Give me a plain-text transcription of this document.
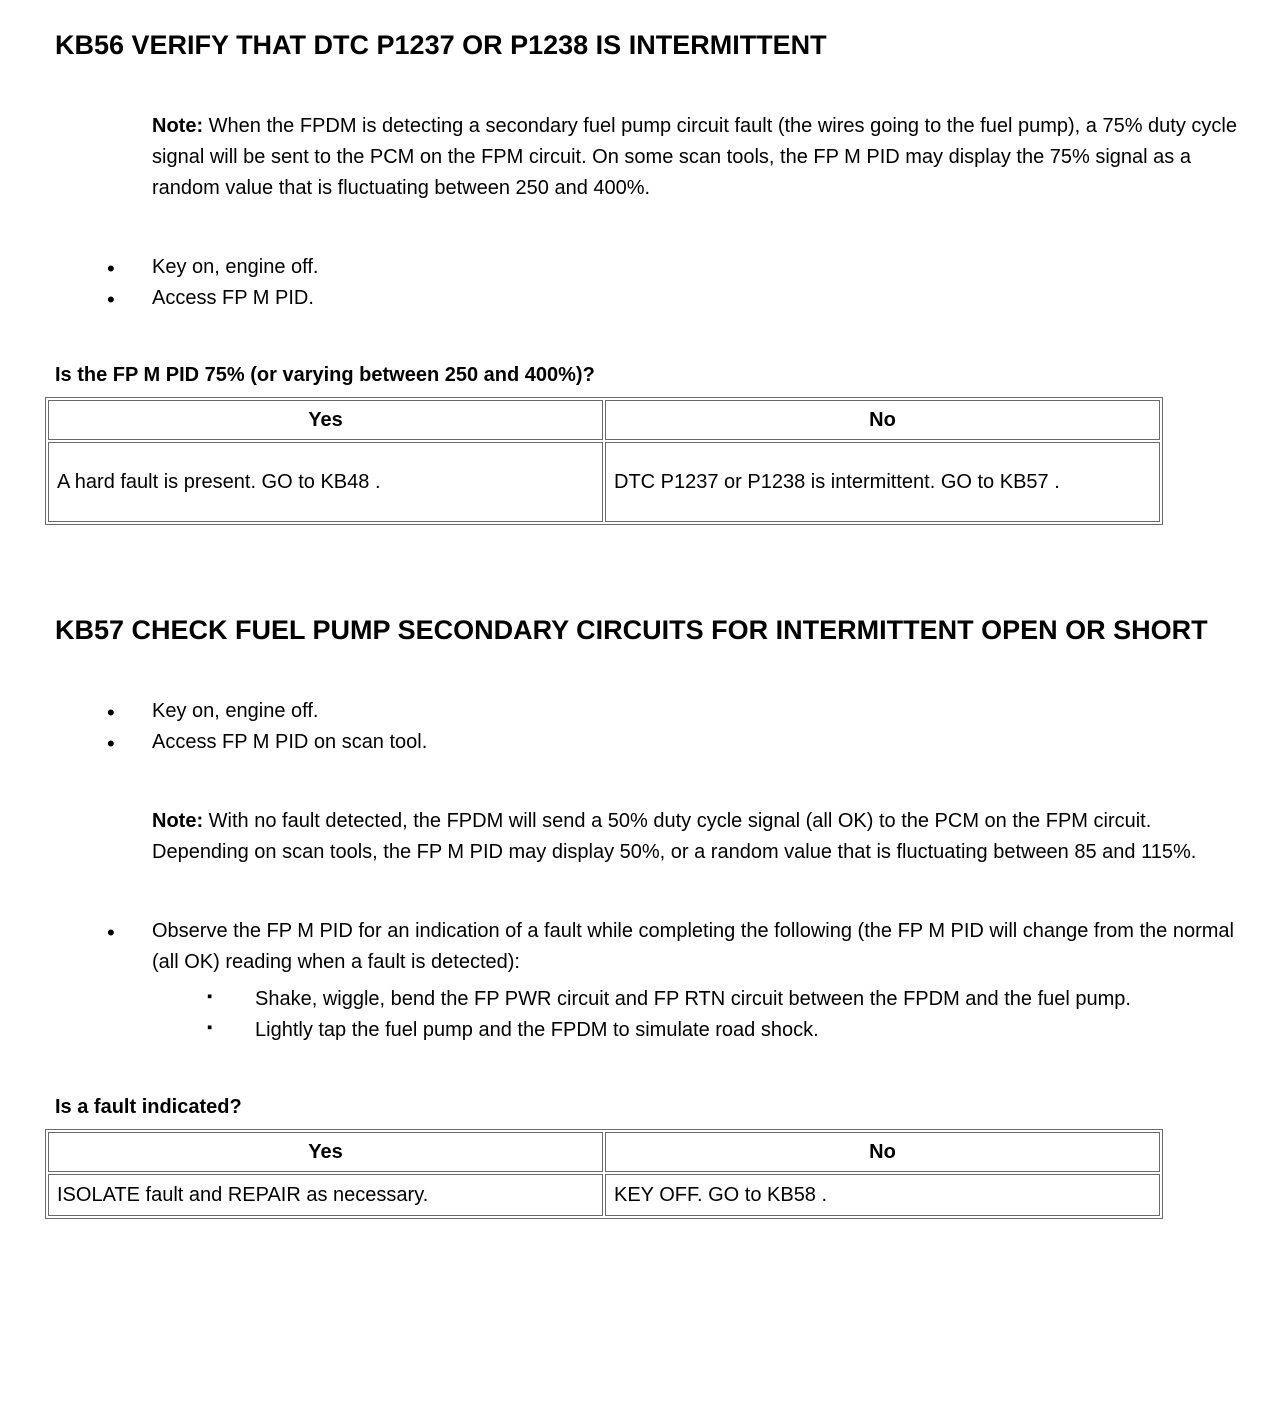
KB56 VERIFY THAT DTC P1237 OR P1238 IS INTERMITTENT

Note: When the FPDM is detecting a secondary fuel pump circuit fault (the wires going to the fuel pump), a 75% duty cycle signal will be sent to the PCM on the FPM circuit. On some scan tools, the FP M PID may display the 75% signal as a random value that is fluctuating between 250 and 400%.

• Key on, engine off.
• Access FP M PID.

Is the FP M PID 75% (or varying between 250 and 400%)?

Yes	No
A hard fault is present. GO to KB48 .	DTC P1237 or P1238 is intermittent. GO to KB57 .
KB57 CHECK FUEL PUMP SECONDARY CIRCUITS FOR INTERMITTENT OPEN OR SHORT
• Key on, engine off.
• Access FP M PID on scan tool.

Note: With no fault detected, the FPDM will send a 50% duty cycle signal (all OK) to the PCM on the FPM circuit. Depending on scan tools, the FP M PID may display 50%, or a random value that is fluctuating between 85 and 115%.

• Observe the FP M PID for an indication of a fault while completing the following (the FP M PID will change from the normal (all OK) reading when a fault is detected):
▪ Shake, wiggle, bend the FP PWR circuit and FP RTN circuit between the FPDM and the fuel pump.
▪ Lightly tap the fuel pump and the FPDM to simulate road shock.

Is a fault indicated?

Yes	No
ISOLATE fault and REPAIR as necessary.	KEY OFF. GO to KB58 .
